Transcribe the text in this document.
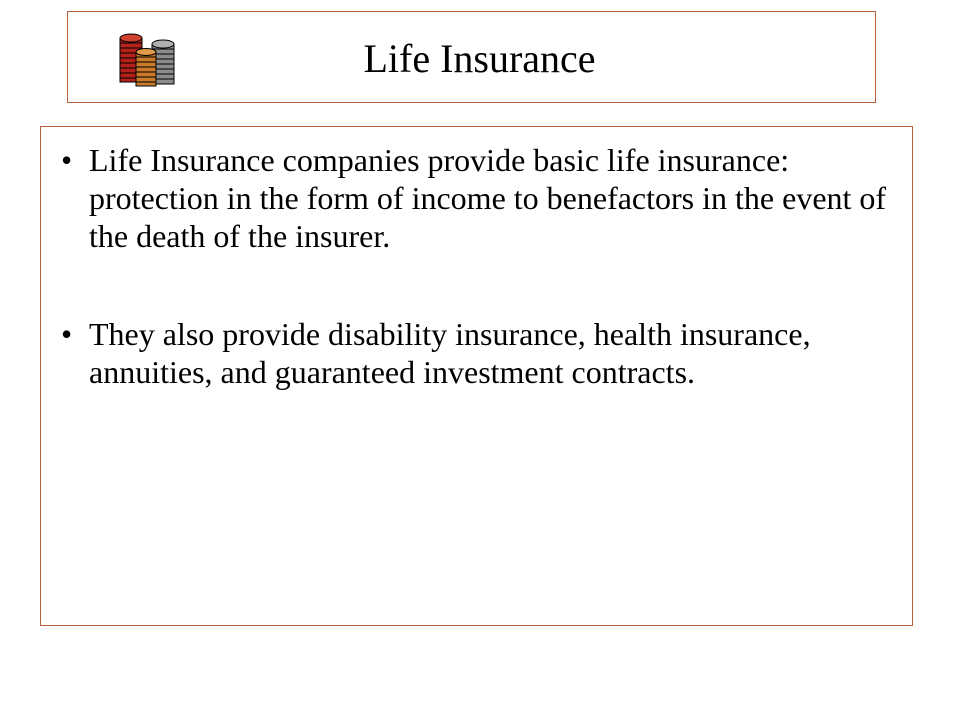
Life Insurance
• Life Insurance companies provide basic life insurance: protection in the form of income to benefactors in the event of the death of the insurer.
• They also provide disability insurance, health insurance, annuities, and guaranteed investment contracts.
